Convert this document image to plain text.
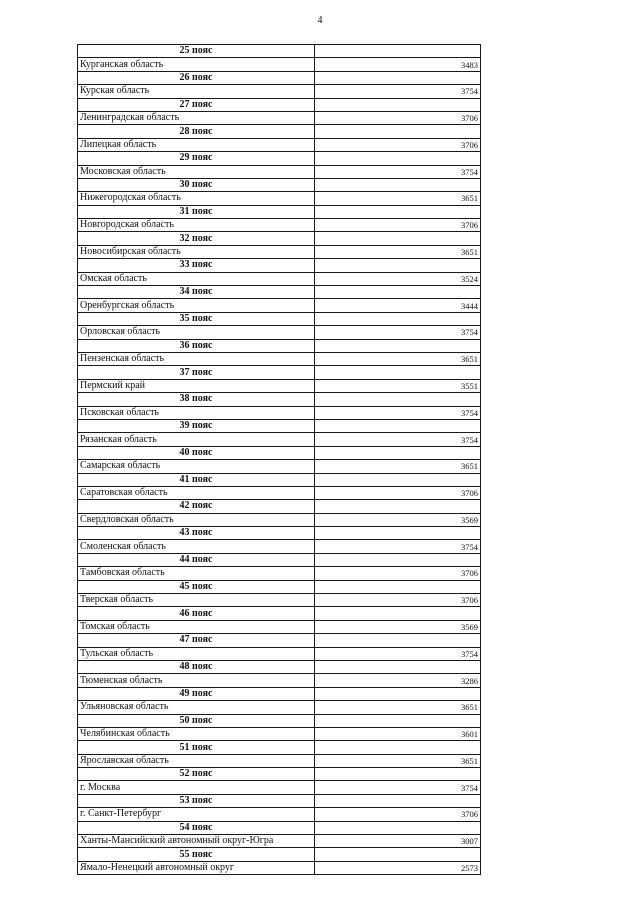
4
25 пояс	
Курганская область	3483
26 пояс	
Курская область	3754
27 пояс	
Ленинградская область	3706
28 пояс	
Липецкая область	3706
29 пояс	
Московская область	3754
30 пояс	
Нижегородская область	3651
31 пояс	
Новгородская область	3706
32 пояс	
Новосибирская область	3651
33 пояс	
Омская область	3524
34 пояс	
Оренбургская область	3444
35 пояс	
Орловская область	3754
36 пояс	
Пензенская область	3651
37 пояс	
Пермский край	3551
38 пояс	
Псковская область	3754
39 пояс	
Рязанская область	3754
40 пояс	
Самарская область	3651
41 пояс	
Саратовская область	3706
42 пояс	
Свердловская область	3569
43 пояс	
Смоленская область	3754
44 пояс	
Тамбовская область	3706
45 пояс	
Тверская область	3706
46 пояс	
Томская область	3569
47 пояс	
Тульская область	3754
48 пояс	
Тюменская область	3286
49 пояс	
Ульяновская область	3651
50 пояс	
Челябинская область	3601
51 пояс	
Ярославская область	3651
52 пояс	
г. Москва	3754
53 пояс	
г. Санкт-Петербург	3706
54 пояс	
Ханты-Мансийский автономный округ-Югра	3007
55 пояс	
Ямало-Ненецкий автономный округ	2573
